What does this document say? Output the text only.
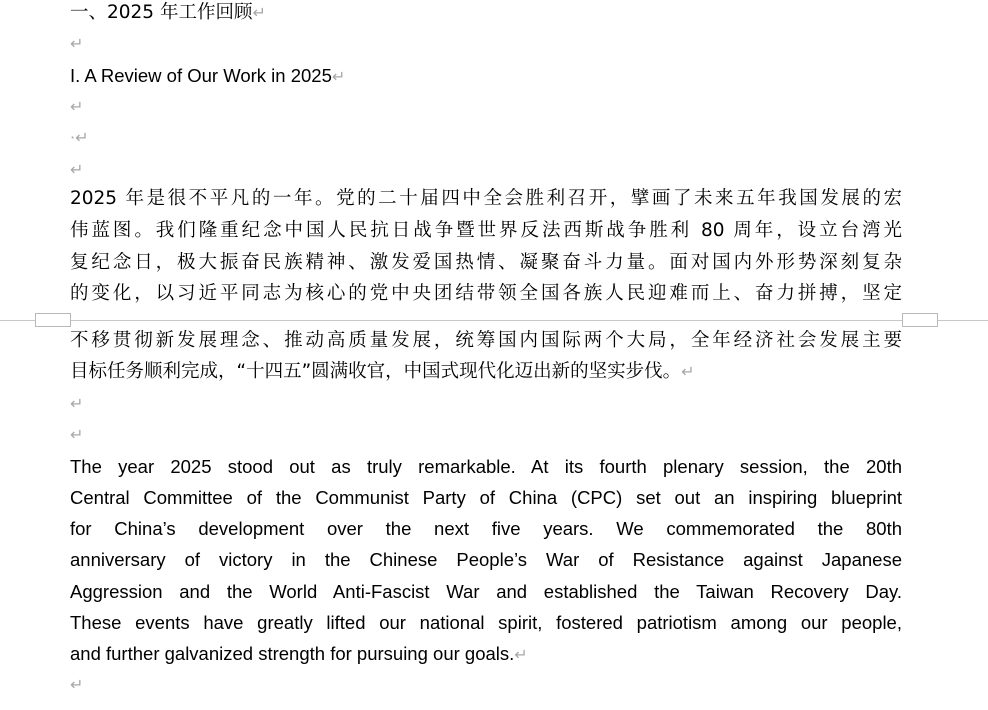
一、2025 年工作回顾↵
↵
I. A Review of Our Work in 2025↵
↵
·↵
↵
2025 年是很不平凡的一年。党的二十届四中全会胜利召开，擘画了未来五年我国发展的宏
伟蓝图。我们隆重纪念中国人民抗日战争暨世界反法西斯战争胜利 80 周年，设立台湾光
复纪念日，极大振奋民族精神、激发爱国热情、凝聚奋斗力量。面对国内外形势深刻复杂
的变化，以习近平同志为核心的党中央团结带领全国各族人民迎难而上、奋力拼搏，坚定
不移贯彻新发展理念、推动高质量发展，统筹国内国际两个大局，全年经济社会发展主要
目标任务顺利完成，“十四五”圆满收官，中国式现代化迈出新的坚实步伐。↵
↵
↵
The year 2025 stood out as truly remarkable. At its fourth plenary session, the 20th
Central Committee of the Communist Party of China (CPC) set out an inspiring blueprint
for China’s development over the next five years. We commemorated the 80th
anniversary of victory in the Chinese People’s War of Resistance against Japanese
Aggression and the World Anti-Fascist War and established the Taiwan Recovery Day.
These events have greatly lifted our national spirit, fostered patriotism among our people,
and further galvanized strength for pursuing our goals.↵
↵
